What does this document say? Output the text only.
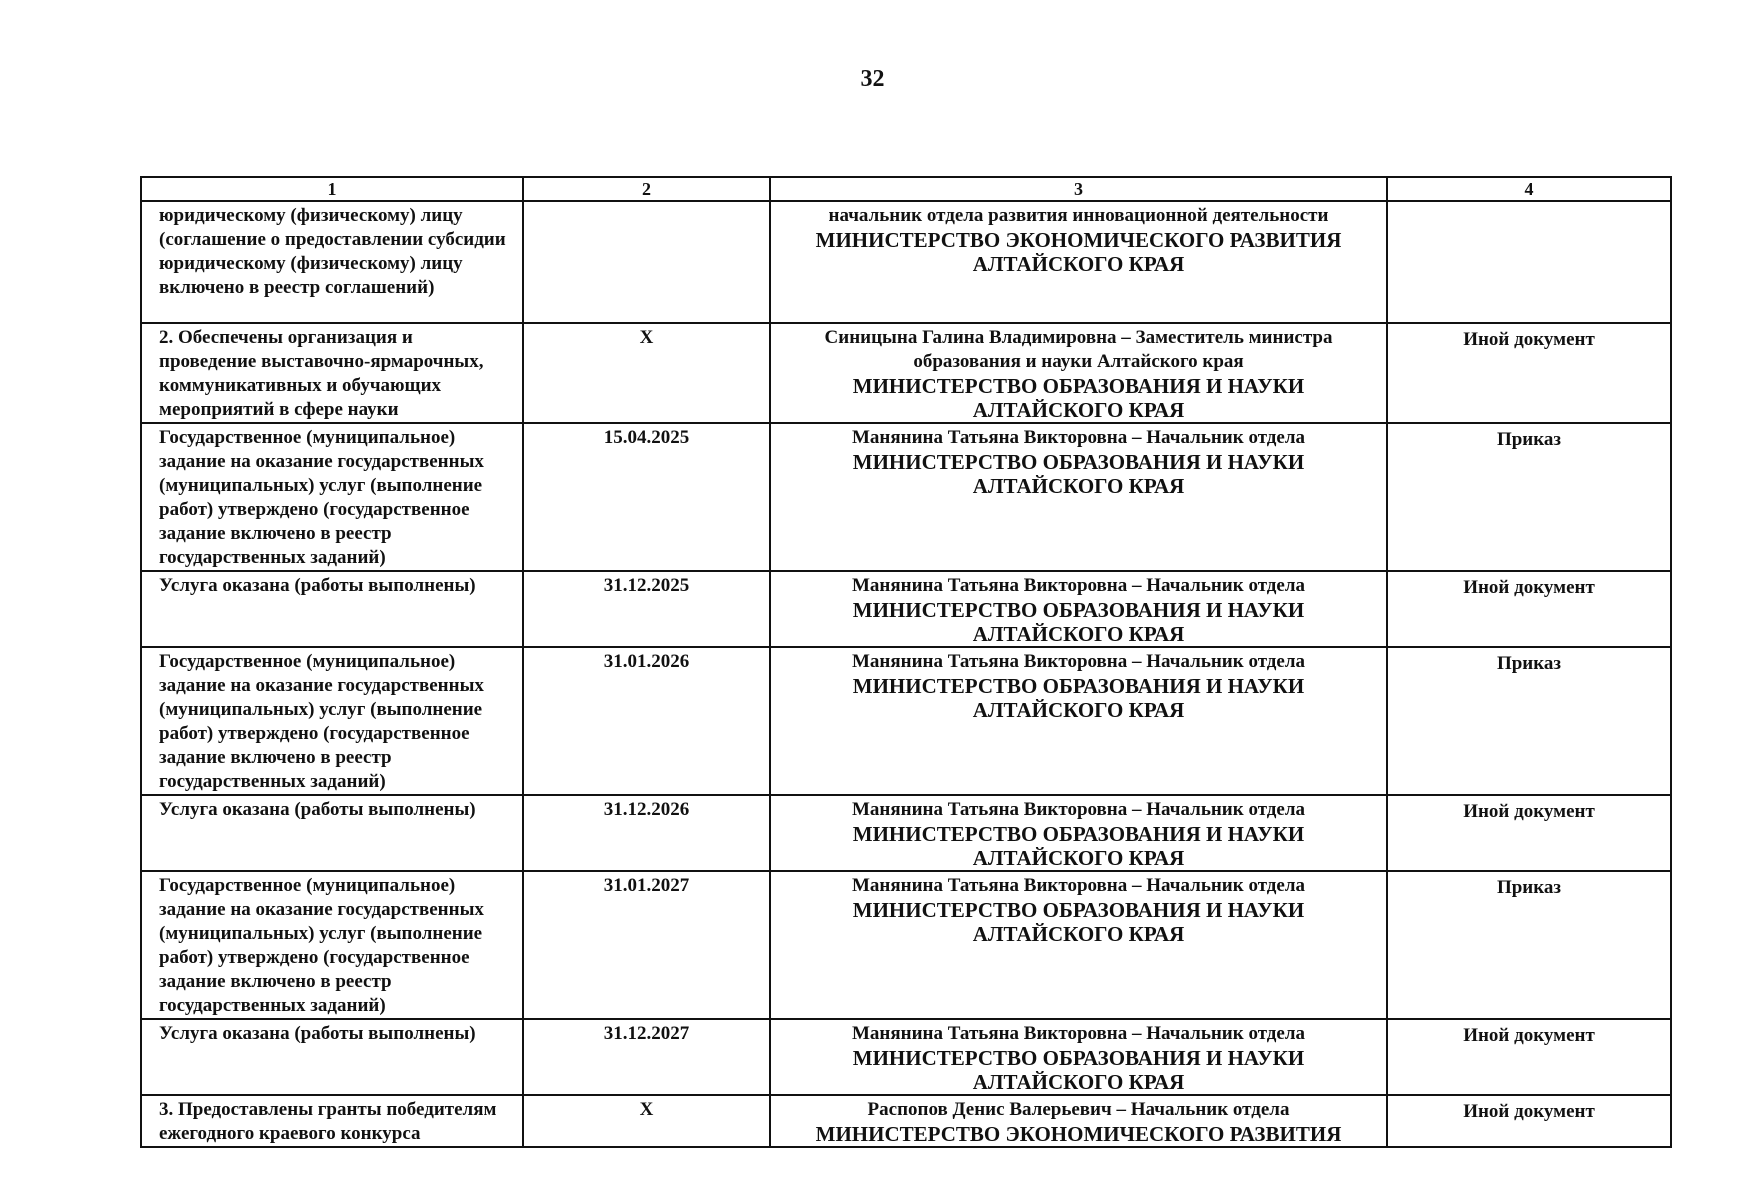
32
1	2	3	4
юридическому (физическому) лицу (соглашение о предоставлении субсидии юридическому (физическому) лицу включено в реестр соглашений)		начальник отдела развития инновационной деятельности
МИНИСТЕРСТВО ЭКОНОМИЧЕСКОГО РАЗВИТИЯ АЛТАЙСКОГО КРАЯ	

2. Обеспечены организация и проведение выставочно-ярмарочных, коммуникативных и обучающих мероприятий в сфере науки	X	Синицына Галина Владимировна – Заместитель министра образования и науки Алтайского края
МИНИСТЕРСТВО ОБРАЗОВАНИЯ И НАУКИ АЛТАЙСКОГО КРАЯ	Иной документ
Государственное (муниципальное) задание на оказание государственных (муниципальных) услуг (выполнение работ) утверждено (государственное задание включено в реестр государственных заданий)	15.04.2025	Манянина Татьяна Викторовна – Начальник отдела
МИНИСТЕРСТВО ОБРАЗОВАНИЯ И НАУКИ АЛТАЙСКОГО КРАЯ	Приказ
Услуга оказана (работы выполнены)	31.12.2025	Манянина Татьяна Викторовна – Начальник отдела
МИНИСТЕРСТВО ОБРАЗОВАНИЯ И НАУКИ АЛТАЙСКОГО КРАЯ	Иной документ
Государственное (муниципальное) задание на оказание государственных (муниципальных) услуг (выполнение работ) утверждено (государственное задание включено в реестр государственных заданий)	31.01.2026	Манянина Татьяна Викторовна – Начальник отдела
МИНИСТЕРСТВО ОБРАЗОВАНИЯ И НАУКИ АЛТАЙСКОГО КРАЯ	Приказ
Услуга оказана (работы выполнены)	31.12.2026	Манянина Татьяна Викторовна – Начальник отдела
МИНИСТЕРСТВО ОБРАЗОВАНИЯ И НАУКИ АЛТАЙСКОГО КРАЯ	Иной документ
Государственное (муниципальное) задание на оказание государственных (муниципальных) услуг (выполнение работ) утверждено (государственное задание включено в реестр государственных заданий)	31.01.2027	Манянина Татьяна Викторовна – Начальник отдела
МИНИСТЕРСТВО ОБРАЗОВАНИЯ И НАУКИ АЛТАЙСКОГО КРАЯ	Приказ
Услуга оказана (работы выполнены)	31.12.2027	Манянина Татьяна Викторовна – Начальник отдела
МИНИСТЕРСТВО ОБРАЗОВАНИЯ И НАУКИ АЛТАЙСКОГО КРАЯ	Иной документ
3. Предоставлены гранты победителям ежегодного краевого конкурса	X	Распопов Денис Валерьевич – Начальник отдела
МИНИСТЕРСТВО ЭКОНОМИЧЕСКОГО РАЗВИТИЯ	Иной документ
